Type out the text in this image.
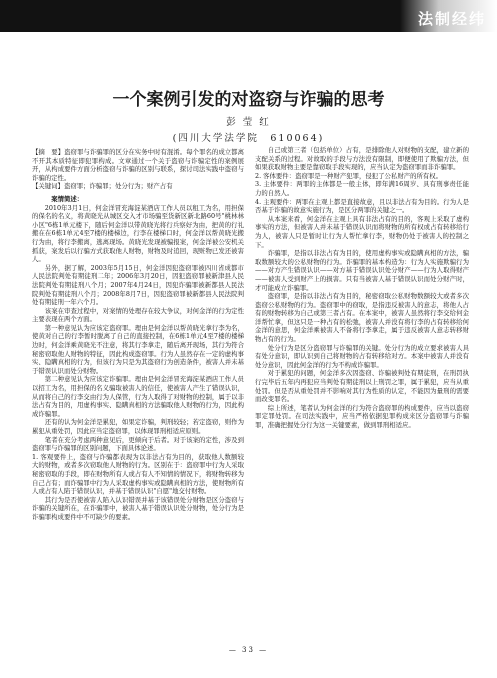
法制经纬
一个案例引发的对盗窃与诈骗的思考
彭 莹 红
(四川大学法学院　610064)

【摘　要】盗窃罪与诈骗罪的区分在实务中时有混淆。每个罪名的成立都离不开其本质特征即犯罪构成。文章通过一个关于盗窃与诈骗定性的案例展开，从构成要件方面分析盗窃与诈骗的区别与联系，探讨司法实践中盗窃与诈骗的定性。

【关键词】盗窃罪；诈骗罪；处分行为；财产占有

案情简述：

2010年3月1日，何金洋冒充海淀某酒店工作人员以租工为名，用担保的保名的名义，将黄晓光从城区交入才市场骗至货新区新北路60号"桃林林小区"6栋1单元楼下，随后何金洋以带黄晓光将行兵察好为由，把黄的行礼搬在在6栋1单元4至7楼的楼梯边，行李在楼梯口时，何金洋以帮黄晓光搬行为由，将行李搬离，逃离现场。黄晓光发现被骗报案，何金洋被公安机关抓获，案发后以行骗方式获取他人财物，财物及时追回，现赃物已发还被害人。

另外，据了解，2003年5月15日，何金洋因犯盗窃罪被四川省成都市人民法院判处有期徒刑二年；2006年3月20日，因犯盗窃罪被新津县人民法院判处有期徒刑八个月；2007年4月24日，因犯诈骗罪被新都县人民法院判处有期徒刑八个月；2008年8月7日，因犯盗窃罪被新都县人民法院判处有期徒刑一年六个月。

该案在审查过程中，对案情的处理存在较大争议，对何金洋的行为定性主要表现在两个方面。

第一种意见认为应该定盗窃罪。理由是何金洋以帮黄晓光拿行李为名，使黄对自己的行李暂时脱离了自己的直接控制，在6栋1单元4至7楼的楼梯边时，何金洋乘黄晓光不注意，将其行李拿走，随后离开现场，其行为符合秘密窃取他人财物的特征，因此构成盗窃罪。行为人虽然存在一定的虚构事实、隐瞒真相的行为，但该行为只是为其盗窃行为创造条件，被害人并未基于错误认识而处分财物。

第二种意见认为应该定诈骗罪。理由是何金洋冒充海淀某酒店工作人员以招工为名，用担保的名义骗取被害人的信任，使被害人产生了错误认识，从而将自己的行李交由行为人保管，行为人取得了对财物的控制，属于以非法占有为目的，用虚构事实、隐瞒真相的方法骗取他人财物的行为，因此构成诈骗罪。

还有的认为何金洋是累犯，如果定诈骗，判刑较轻；若定盗窃，则作为累犯从重处罚，因此应当定盗窃罪，以体现罪刑相适应原则。

笔者在充分考虑两种意见后，更倾向于后者。对于该案的定性，涉及到盗窃罪与诈骗罪的区别问题，下面具体论述。

1. 客观要件上，盗窃与诈骗都表现为以非法占有为目的，获取他人数额较大的财物，或者多次窃取他人财物的行为。区别在于：盗窃罪中行为人采取秘密窃取的手段，即在财物所有人或占有人不知情的情况下，将财物转移为自己占有；而诈骗罪中行为人采取虚构事实或隐瞒真相的方法，使财物所有人或占有人陷于错误认识，并基于错误认识"自愿"地交付财物。

其行为是否使被害人陷入认识错误并基于该错误处分财物是区分盗窃与诈骗的关键所在，在诈骗罪中，被害人基于错误认识处分财物，处分行为是诈骗罪构成要件中不可缺少的要素。

自己或第三者（包括单位）占有，是排除他人对财物的支配，建立新的支配关系的过程。对故取的手段与方法没有限制，即便使用了欺骗方法，但如果获取财物主要是靠窃取手段实现的，应当认定为盗窃罪而非诈骗罪。

2. 客体要件：盗窃罪是一种财产犯罪，侵犯了公私财产的所有权。

3. 主体要件：两罪的主体都是一般主体，即年满16周岁、具有刑事责任能力的自然人。

4. 主观要件：两罪在主观上都是直接故意，且以非法占有为目的。行为人是否基于诈骗的故意实施行为，是区分两罪的关键之一。

从本案来看，何金洋在主观上具有非法占有的目的，客观上采取了虚构事实的方法，但被害人并未基于错误认识而将财物的所有权或占有转移给行为人，被害人只是暂时让行为人帮忙拿行李，财物仍处于被害人的控制之下。

诈骗罪，是指以非法占有为目的，使用虚构事实或隐瞒真相的方法，骗取数额较大的公私财物的行为。诈骗罪的基本构造为：行为人实施欺骗行为——对方产生错误认识——对方基于错误认识处分财产——行为人取得财产——被害人受到财产上的损害。只有当被害人基于错误认识而处分财产时，才可能成立诈骗罪。

盗窃罪，是指以非法占有为目的，秘密窃取公私财物数额较大或者多次盗窃公私财物的行为。盗窃罪中的窃取，是指违反被害人的意志，将他人占有的财物转移为自己或第三者占有。在本案中，被害人虽然将行李交给何金洋帮忙拿，但这只是一种占有的松弛，被害人并没有将行李的占有转移给何金洋的意思，何金洋乘被害人不备将行李拿走，属于违反被害人意志转移财物占有的行为。

处分行为是区分盗窃罪与诈骗罪的关键。处分行为的成立要求被害人具有处分意识，即认识到自己将财物的占有转移给对方。本案中被害人并没有处分意识，因此何金洋的行为不构成诈骗罪。

对于累犯的问题，何金洋多次因盗窃、诈骗被判处有期徒刑，在刑罚执行完毕后五年内再犯应当判处有期徒刑以上刑罚之罪，属于累犯，应当从重处罚。但是否从重处罚并不影响对其行为性质的认定，不能因为量刑的需要而改变罪名。

综上所述，笔者认为何金洋的行为符合盗窃罪的构成要件，应当以盗窃罪定罪处罚。在司法实践中，应当严格依据犯罪构成来区分盗窃罪与诈骗罪，准确把握处分行为这一关键要素，做到罪刑相适应。

— 33 —
